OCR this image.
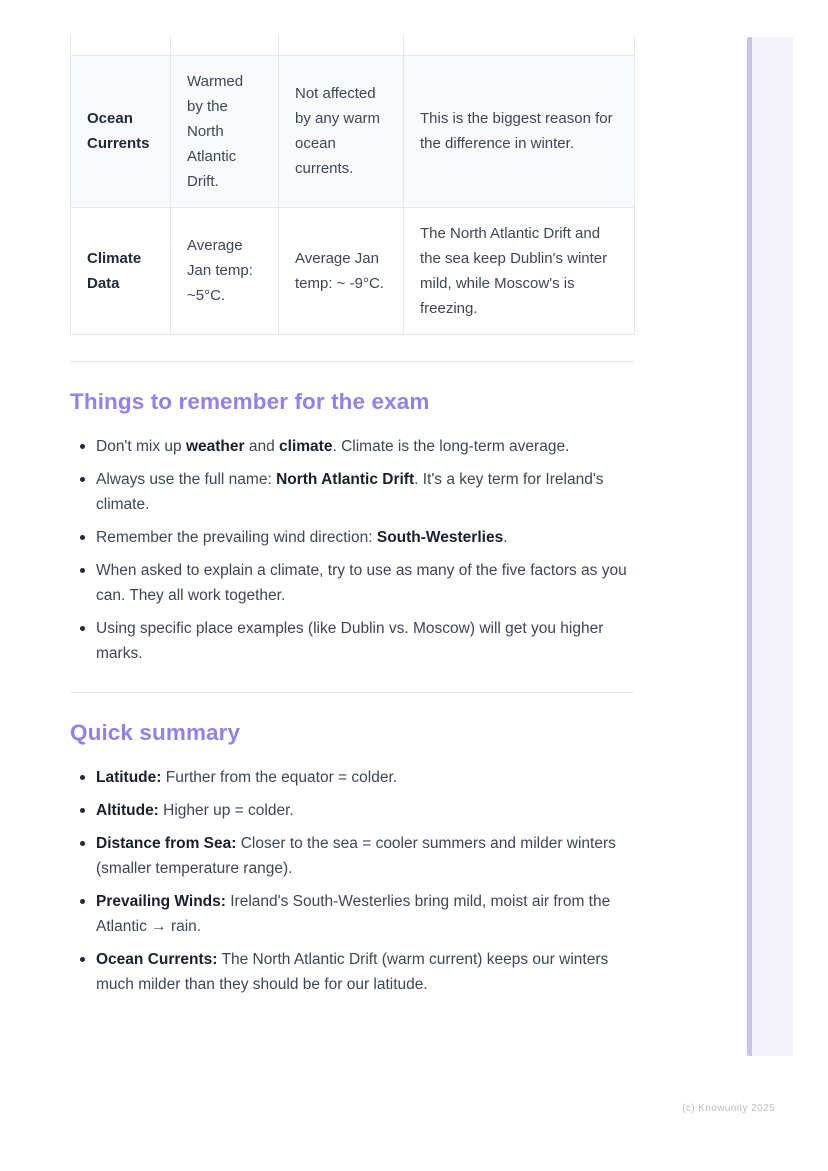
Ocean Currents	Warmed by the North Atlantic Drift.	Not affected by any warm ocean currents.	This is the biggest reason for the difference in winter.
Climate Data	Average Jan temp: ~5°C.	Average Jan temp: ~ -9°C.	The North Atlantic Drift and the sea keep Dublin's winter mild, while Moscow's is freezing.
Things to remember for the exam
Don't mix up weather and climate. Climate is the long-term average.
Always use the full name: North Atlantic Drift. It's a key term for Ireland's climate.
Remember the prevailing wind direction: South-Westerlies.
When asked to explain a climate, try to use as many of the five factors as you can. They all work together.
Using specific place examples (like Dublin vs. Moscow) will get you higher marks.
Quick summary
Latitude: Further from the equator = colder.
Altitude: Higher up = colder.
Distance from Sea: Closer to the sea = cooler summers and milder winters (smaller temperature range).
Prevailing Winds: Ireland's South-Westerlies bring mild, moist air from the Atlantic → rain.
Ocean Currents: The North Atlantic Drift (warm current) keeps our winters much milder than they should be for our latitude.
(c) Knowunity 2025
